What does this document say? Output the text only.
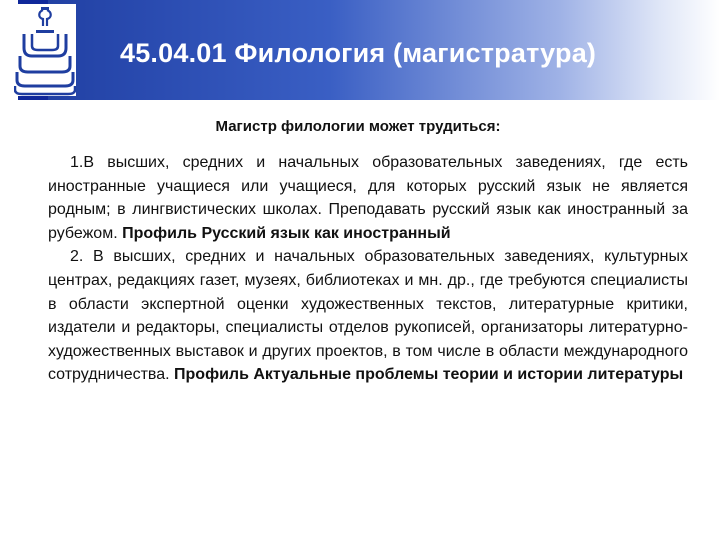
45.04.01 Филология (магистратура)
Магистр филологии может трудиться:

1.В высших, средних и начальных образовательных заведениях, где есть иностранные учащиеся или учащиеся, для которых русский язык не является родным; в лингвистических школах. Преподавать русский язык как иностранный за рубежом. Профиль Русский язык как иностранный

2. В высших, средних и начальных образовательных заведениях, культурных центрах, редакциях газет, музеях, библиотеках и мн. др., где требуются специалисты в области экспертной оценки художественных текстов, литературные критики, издатели и редакторы, специалисты отделов рукописей, организаторы литературно-художественных выставок и других проектов, в том числе в области международного сотрудничества. Профиль Актуальные проблемы теории и истории литературы
